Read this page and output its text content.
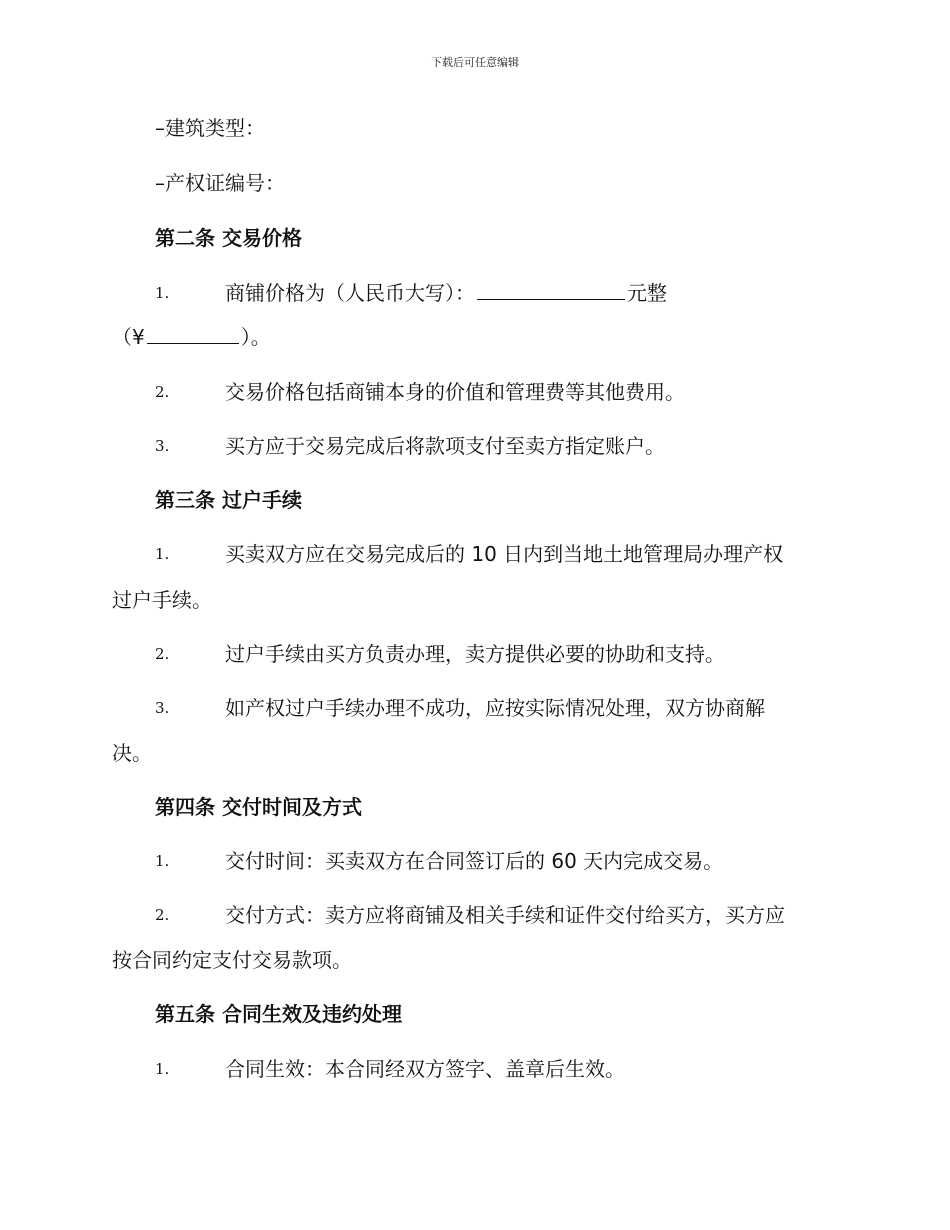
下载后可任意编辑
–建筑类型：
–产权证编号：
第二条 交易价格
1.	商铺价格为（人民币大写）：	元整
（¥	）。
2.	交易价格包括商铺本身的价值和管理费等其他费用。
3.	买方应于交易完成后将款项支付至卖方指定账户。
第三条 过户手续
1.	买卖双方应在交易完成后的 10 日内到当地土地管理局办理产权
过户手续。
2.	过户手续由买方负责办理，卖方提供必要的协助和支持。
3.	如产权过户手续办理不成功，应按实际情况处理，双方协商解
决。
第四条 交付时间及方式
1.	交付时间：买卖双方在合同签订后的 60 天内完成交易。
2.	交付方式：卖方应将商铺及相关手续和证件交付给买方，买方应
按合同约定支付交易款项。
第五条 合同生效及违约处理
1.	合同生效：本合同经双方签字、盖章后生效。
